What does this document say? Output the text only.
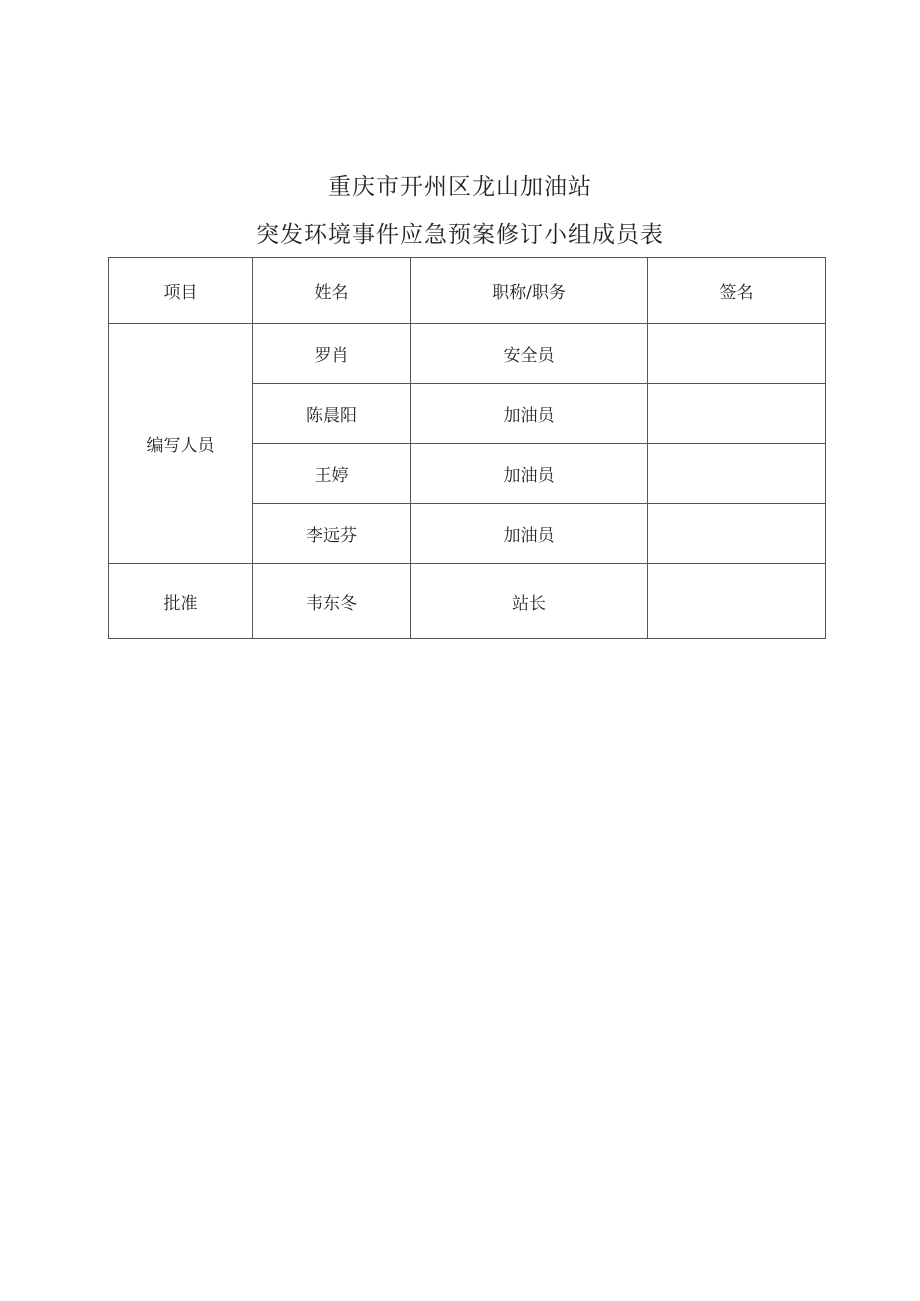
重庆市开州区龙山加油站
突发环境事件应急预案修订小组成员表
项目	姓名	职称/职务	签名
编写人员	罗肖	安全员	
	陈晨阳	加油员	
	王婷	加油员	
	李远芬	加油员	
批准	韦东冬	站长	
